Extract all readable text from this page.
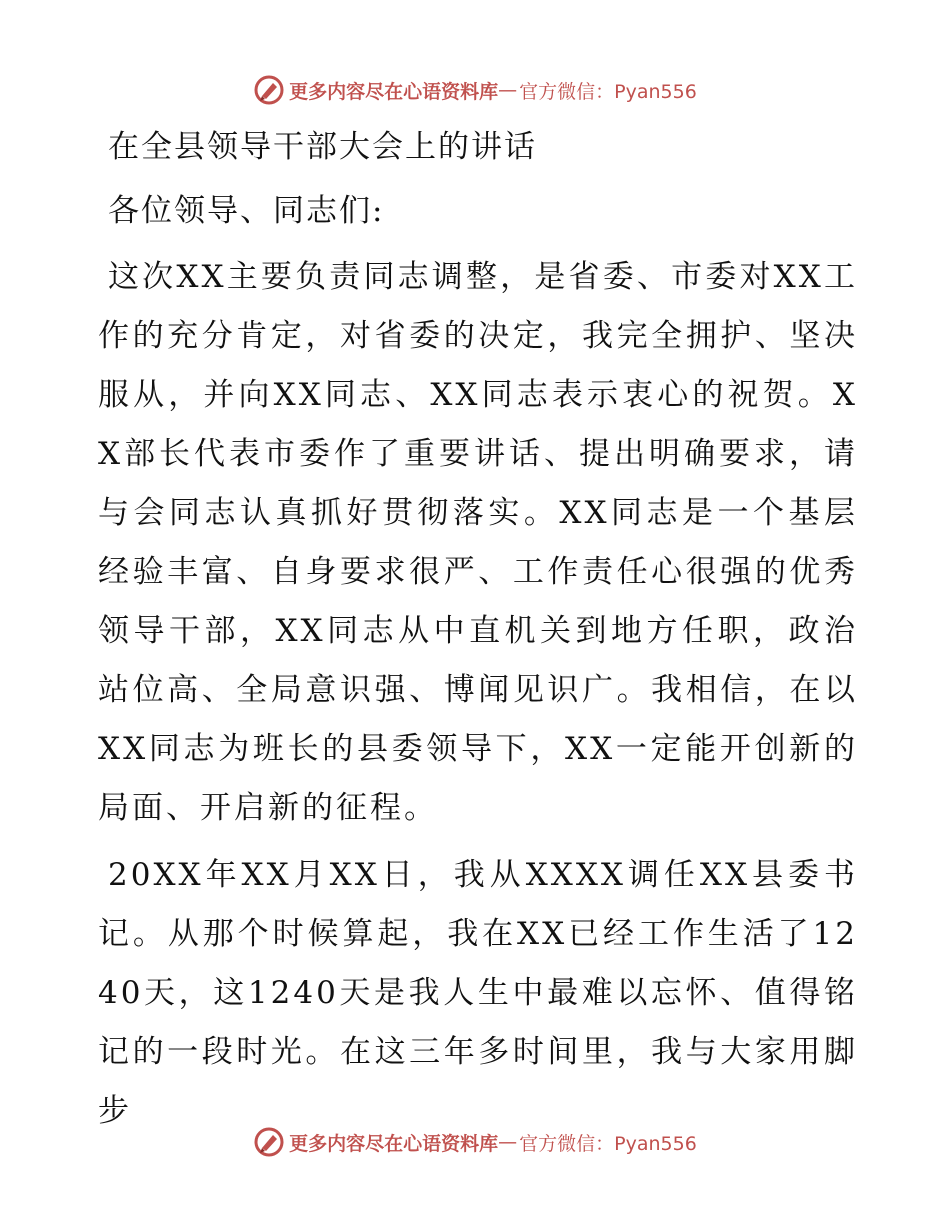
更多内容尽在心语资料库 — 官方微信：Pyan556
在全县领导干部大会上的讲话
各位领导、同志们:

这次XX主要负责同志调整，是省委、市委对XX工作的充分肯定，对省委的决定，我完全拥护、坚决服从，并向XX同志、XX同志表示衷心的祝贺。XX部长代表市委作了重要讲话、提出明确要求，请与会同志认真抓好贯彻落实。XX同志是一个基层经验丰富、自身要求很严、工作责任心很强的优秀领导干部，XX同志从中直机关到地方任职，政治站位高、全局意识强、博闻见识广。我相信，在以XX同志为班长的县委领导下，XX一定能开创新的局面、开启新的征程。

20XX年XX月XX日，我从XXXX调任XX县委书记。从那个时候算起，我在XX已经工作生活了1240天，这1240天是我人生中最难以忘怀、值得铭记的一段时光。在这三年多时间里，我与大家用脚步

更多内容尽在心语资料库 — 官方微信：Pyan556
